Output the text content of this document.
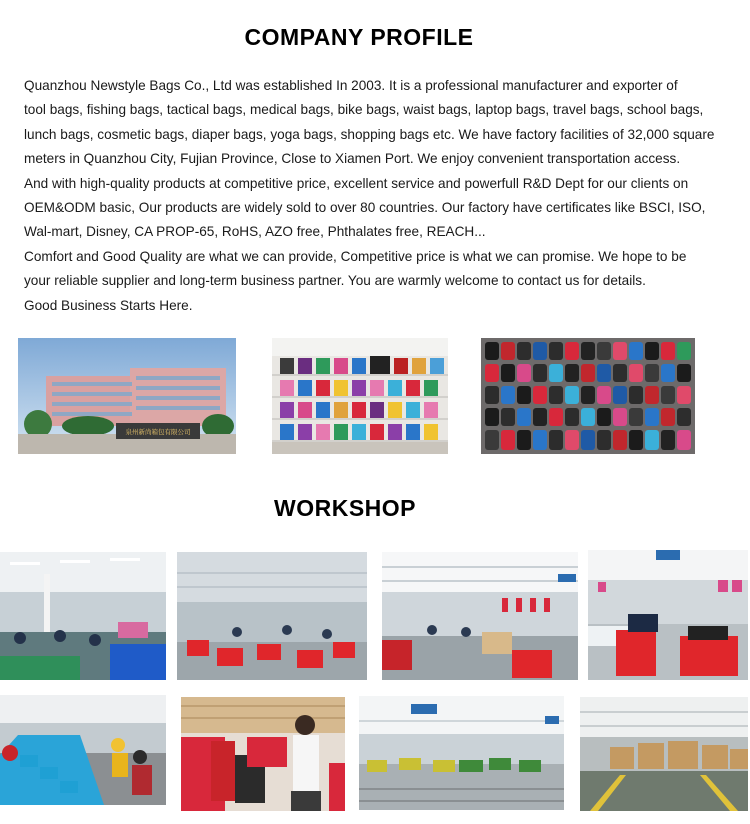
COMPANY PROFILE

Quanzhou Newstyle Bags Co., Ltd was established In 2003. It is a professional manufacturer and exporter of

tool bags, fishing bags, tactical bags, medical bags, bike bags, waist bags, laptop bags, travel bags, school bags,

lunch bags, cosmetic bags, diaper bags, yoga bags, shopping bags etc. We have factory facilities of 32,000 square

meters in Quanzhou City, Fujian Province, Close to Xiamen Port. We enjoy convenient transportation access.

And with high-quality products at competitive price, excellent service and powerfull R&D Dept for our clients on

OEM&ODM basic, Our products are widely sold to over 80 countries. Our factory have certificates like BSCI, ISO,

Wal-mart, Disney, CA PROP-65, RoHS, AZO free, Phthalates free, REACH...

Comfort and Good Quality are what we can provide, Competitive price is what we can promise. We hope to be

your reliable supplier and long-term business partner. You are warmly welcome to contact us for details.

Good Business Starts Here.

泉州新尚箱包有限公司
WORKSHOP
